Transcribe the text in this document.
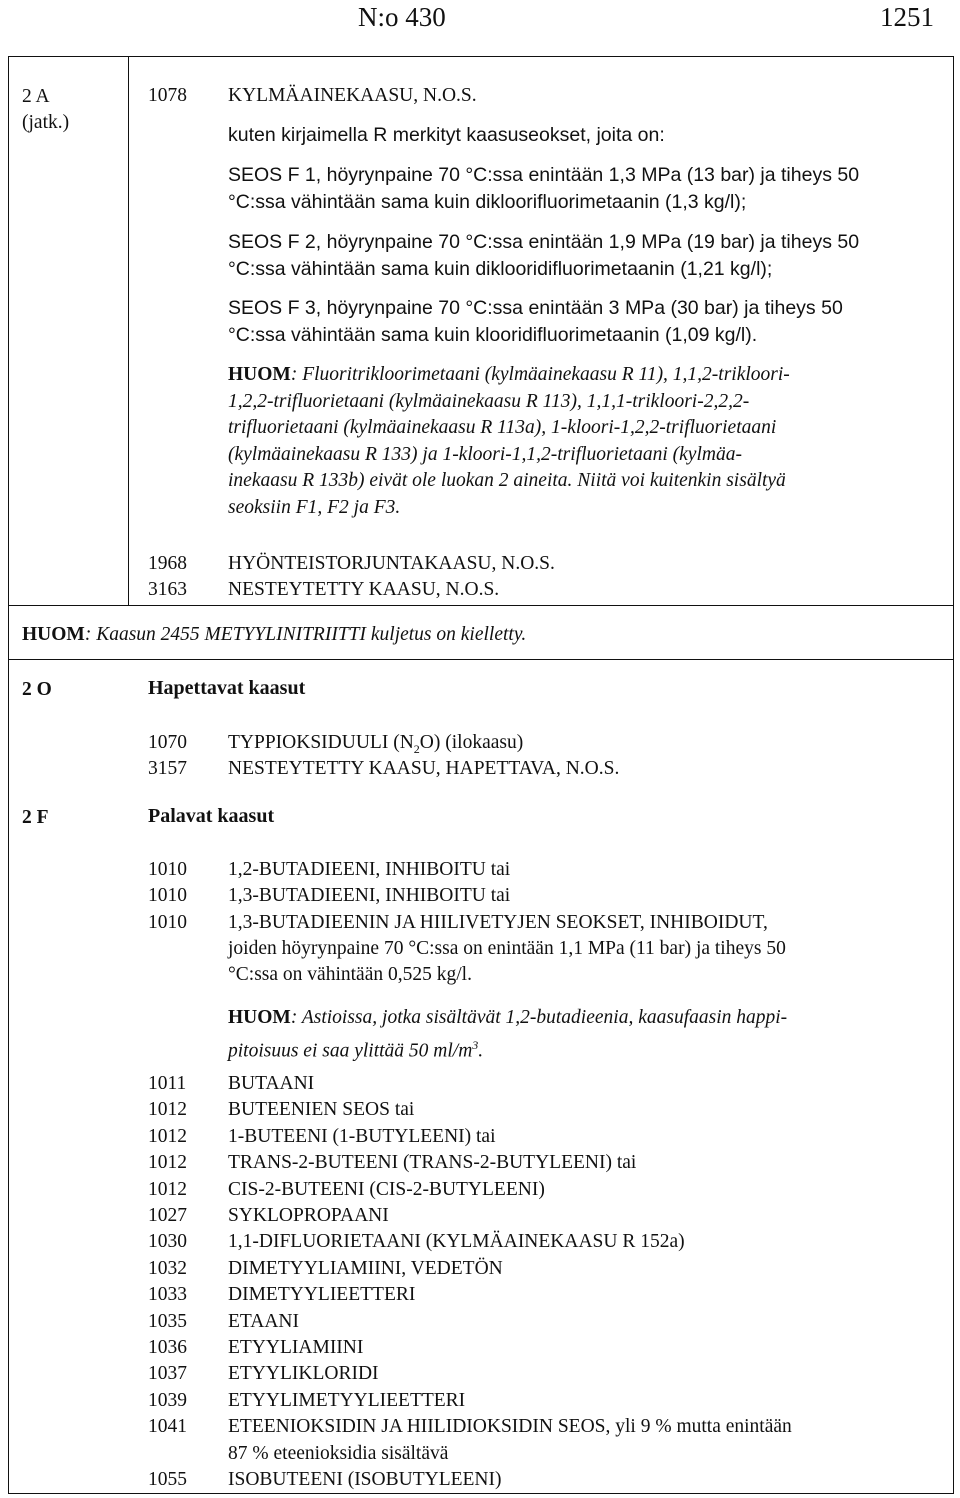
N:o 430	1251
2 A
(jatk.)
1078 KYLMÄAINEKAASU, N.O.S.
kuten kirjaimella R merkityt kaasuseokset, joita on:
SEOS F 1, höyrynpaine 70 °C:ssa enintään 1,3 MPa (13 bar) ja tiheys 50
°C:ssa vähintään sama kuin dikloorifluorimetaanin (1,3 kg/l);
SEOS F 2, höyrynpaine 70 °C:ssa enintään 1,9 MPa (19 bar) ja tiheys 50
°C:ssa vähintään sama kuin diklooridifluorimetaanin (1,21 kg/l);
SEOS F 3, höyrynpaine 70 °C:ssa enintään 3 MPa (30 bar) ja tiheys 50
°C:ssa vähintään sama kuin klooridifluorimetaanin (1,09 kg/l).
HUOM: Fluoritrikloorimetaani (kylmäainekaasu R 11), 1,1,2-trikloori-
1,2,2-trifluorietaani (kylmäainekaasu R 113), 1,1,1-trikloori-2,2,2-
trifluorietaani (kylmäainekaasu R 113a), 1-kloori-1,2,2-trifluorietaani
(kylmäainekaasu R 133) ja 1-kloori-1,1,2-trifluorietaani (kylmäa-
inekaasu R 133b) eivät ole luokan 2 aineita. Niitä voi kuitenkin sisältyä
seoksiin F1, F2 ja F3.
1968 HYÖNTEISTORJUNTAKAASU, N.O.S.
3163 NESTEYTETTY KAASU, N.O.S.
HUOM: Kaasun 2455 METYYLINITRIITTI kuljetus on kielletty.
2 O	Hapettavat kaasut
1070 TYPPIOKSIDUULI $(N_2O)$ (ilokaasu)
3157 NESTEYTETTY KAASU, HAPETTAVA, N.O.S.
2 F	Palavat kaasut
1010 1,2-BUTADIEENI, INHIBOITU tai
1010 1,3-BUTADIEENI, INHIBOITU tai
1010 1,3-BUTADIEENIN JA HIILIVETYJEN SEOKSET, INHIBOIDUT,
joiden höyrynpaine 70 °C:ssa on enintään 1,1 MPa (11 bar) ja tiheys 50
°C:ssa on vähintään 0,525 kg/l.
HUOM: Astioissa, jotka sisältävät 1,2-butadieenia, kaasufaasin happi-
pitoisuus ei saa ylittää 50 $ml/m^3$.
1011 BUTAANI
1012 BUTEENIEN SEOS tai
1012 1-BUTEENI (1-BUTYLEENI) tai
1012 TRANS-2-BUTEENI (TRANS-2-BUTYLEENI) tai
1012 CIS-2-BUTEENI (CIS-2-BUTYLEENI)
1027 SYKLOPROPAANI
1030 1,1-DIFLUORIETAANI (KYLMÄAINEKAASU R 152a)
1032 DIMETYYLIAMIINI, VEDETÖN
1033 DIMETYYLIEETTERI
1035 ETAANI
1036 ETYYLIAMIINI
1037 ETYYLIKLORIDI
1039 ETYYLIMETYYLIEETTERI
1041 ETEENIOKSIDIN JA HIILIDIOKSIDIN SEOS, yli 9 % mutta enintään
87 % eteenioksidia sisältävä
1055 ISOBUTEENI (ISOBUTYLEENI)
